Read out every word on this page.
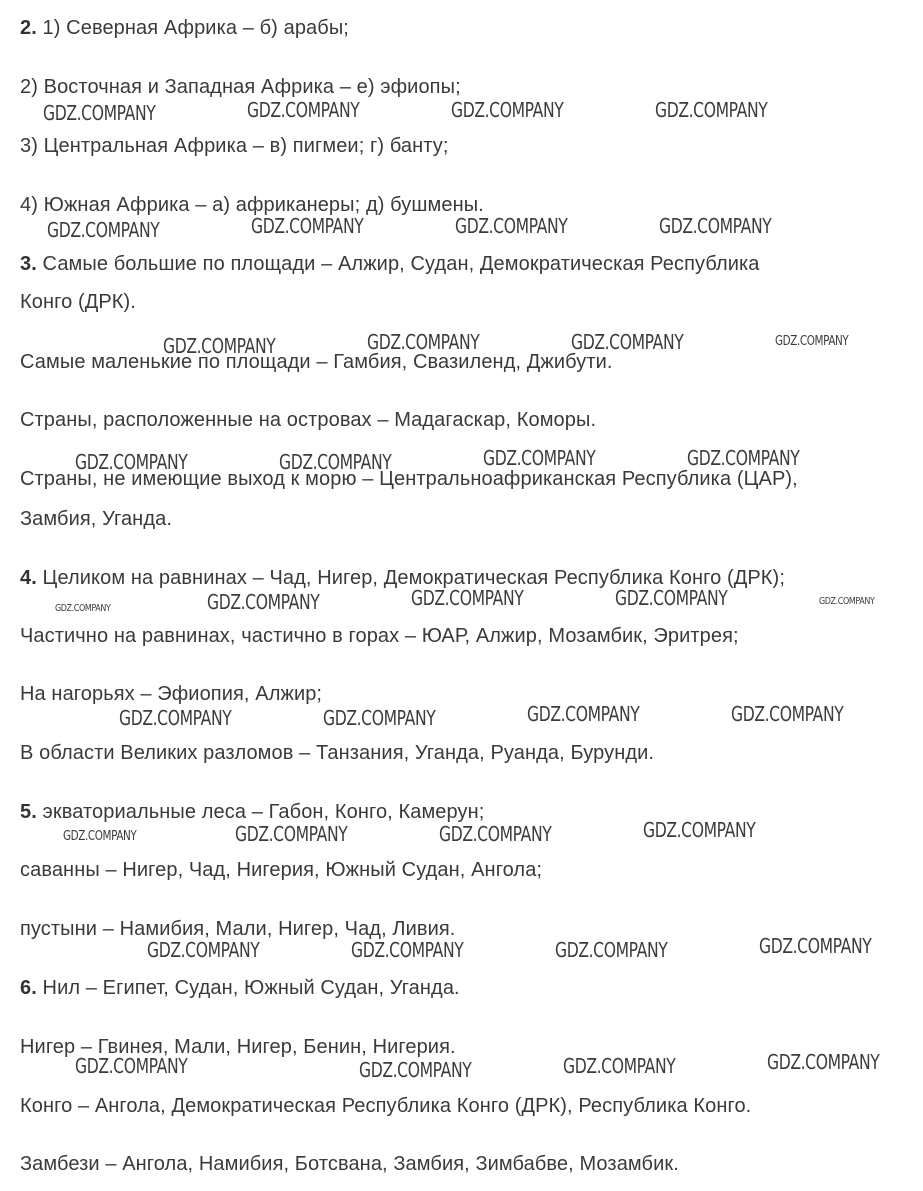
2. 1) Северная Африка – б) арабы;
2) Восточная и Западная Африка – е) эфиопы;
3) Центральная Африка – в) пигмеи; г) банту;
4) Южная Африка – а) африканеры; д) бушмены.
3. Самые большие по площади – Алжир, Судан, Демократическая Республика
Конго (ДРК).
Самые маленькие по площади – Гамбия, Свазиленд, Джибути.
Страны, расположенные на островах – Мадагаскар, Коморы.
Страны, не имеющие выход к морю – Центральноафриканская Республика (ЦАР),
Замбия, Уганда.
4. Целиком на равнинах – Чад, Нигер, Демократическая Республика Конго (ДРК);
Частично на равнинах, частично в горах – ЮАР, Алжир, Мозамбик, Эритрея;
На нагорьях – Эфиопия, Алжир;
В области Великих разломов – Танзания, Уганда, Руанда, Бурунди.
5. экваториальные леса – Габон, Конго, Камерун;
саванны – Нигер, Чад, Нигерия, Южный Судан, Ангола;
пустыни – Намибия, Мали, Нигер, Чад, Ливия.
6. Нил – Египет, Судан, Южный Судан, Уганда.
Нигер – Гвинея, Мали, Нигер, Бенин, Нигерия.
Конго – Ангола, Демократическая Республика Конго (ДРК), Республика Конго.
Замбези – Ангола, Намибия, Ботсвана, Замбия, Зимбабве, Мозамбик.
GDZ.COMPANY	GDZ.COMPANY	GDZ.COMPANY	GDZ.COMPANY
GDZ.COMPANY	GDZ.COMPANY	GDZ.COMPANY	GDZ.COMPANY
GDZ.COMPANY	GDZ.COMPANY	GDZ.COMPANY	GDZ.COMPANY
GDZ.COMPANY	GDZ.COMPANY	GDZ.COMPANY	GDZ.COMPANY
GDZ.COMPANY	GDZ.COMPANY	GDZ.COMPANY	GDZ.COMPANY	GDZ.COMPANY
GDZ.COMPANY	GDZ.COMPANY	GDZ.COMPANY	GDZ.COMPANY
GDZ.COMPANY	GDZ.COMPANY	GDZ.COMPANY	GDZ.COMPANY
GDZ.COMPANY	GDZ.COMPANY	GDZ.COMPANY	GDZ.COMPANY
GDZ.COMPANY	GDZ.COMPANY	GDZ.COMPANY	GDZ.COMPANY
